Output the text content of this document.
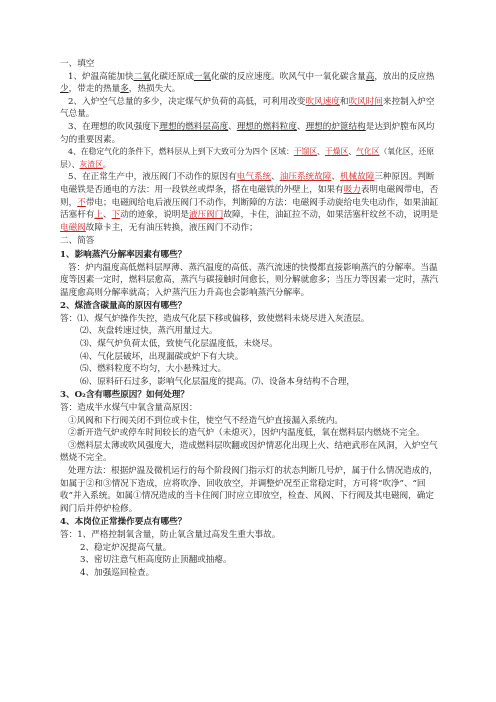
一、填空

1、炉温高能加快二氧化碳还原成一氧化碳的反应速度。吹风气中一氧化碳含量高，放出的反应热少，带走的热量多，热损失大。

2、入炉空气总量的多少，决定煤气炉负荷的高低，可利用改变吹风速度和吹风时间来控制入炉空气总量。

3、在理想的吹风强度下理想的燃料层高度、理想的燃料粒度、理想的炉篦结构是达到炉膛布风均匀的重要因素。

4、在稳定气化的条件下，燃料层从上到下大致可分为四个 区域：干馏区、干燥区、气化区（氧化区，还原层）、灰渣区。

5、在正常生产中，液压阀门不动作的原因有电气系统、油压系统故障、机械故障三种原因。判断电磁铁是否通电的方法：用一段铁丝或焊条，搭在电磁铁的外壁上，如果有吸力表明电磁阀带电，否则，不带电；电磁阀给电后液压阀门不动作，判断障的方法：电磁阀手动旋给电失电动作，如果油缸活塞杆有上、下动的迹象，说明是液压阀门故障，卡住，油缸拉不动，如果活塞杆纹丝不动，说明是电磁阀故障卡主，无有油压转换，液压阀门不动作；

二、简答

1、影响蒸汽分解率因素有哪些？

答：炉内温度高低燃料层厚薄、蒸汽温度的高低、蒸汽流速的快慢都直接影响蒸汽的分解率。当温度等因素一定时，燃料层愈高，蒸汽与碳接触时间愈长，则分解就愈多；当压力等因素一定时，蒸汽温度愈高则分解率就高；入炉蒸汽压力升高也会影响蒸汽分解率。

2、煤渣含碳量高的原因有哪些？

答：⑴、煤气炉操作失控，造成气化层下移或偏移，致使燃料未烧尽进入灰渣层。

⑵、灰盘转速过快，蒸汽用量过大。

⑶、煤气炉负荷太低，致使气化层温度低，未烧尽。

⑷、气化层破坏，出现漏碳或炉下有大块。

⑸、燃料粒度不均匀，大小悬殊过大。

⑹、原料矸石过多，影响气化层温度的提高。⑺、设备本身结构不合理，

3、O₂含有哪些原因？如何处理？

答：造成半水煤气中氧含量高原因：

①风阀和下行阀关闭不到位或卡住，使空气不经造气炉直接漏入系统内。

②新开造气炉或停车时间较长的造气炉（未熄灭），因炉内温度低，氧在燃料层内燃烧不完全。

③燃料层太薄或吹风强度大，造成燃料层吹翻或因炉情恶化出现上火、结疤武形在风洞，入炉空气燃烧不完全。

处理方法：根据炉温及微机运行的每个阶段阀门指示灯的状态判断几号炉，属于什么情况造成的，如属于②和③情况下造成，应将吹净、回收放空，并调整炉况至正常稳定时，方可将“吹净”、“回收”并入系统。如属①情况造成的当卡住阀门时应立即放空，检查、风阀、下行阀及其电磁阀，确定阀门后并停炉检修。

4、本岗位正常操作要点有哪些？

答：1、严格控制氧含量，防止氧含量过高发生重大事故。

2、稳定炉况提高气量。

3、密切注意气柜高度防止顶翻或抽瘪。

4、加强巡回检查。
